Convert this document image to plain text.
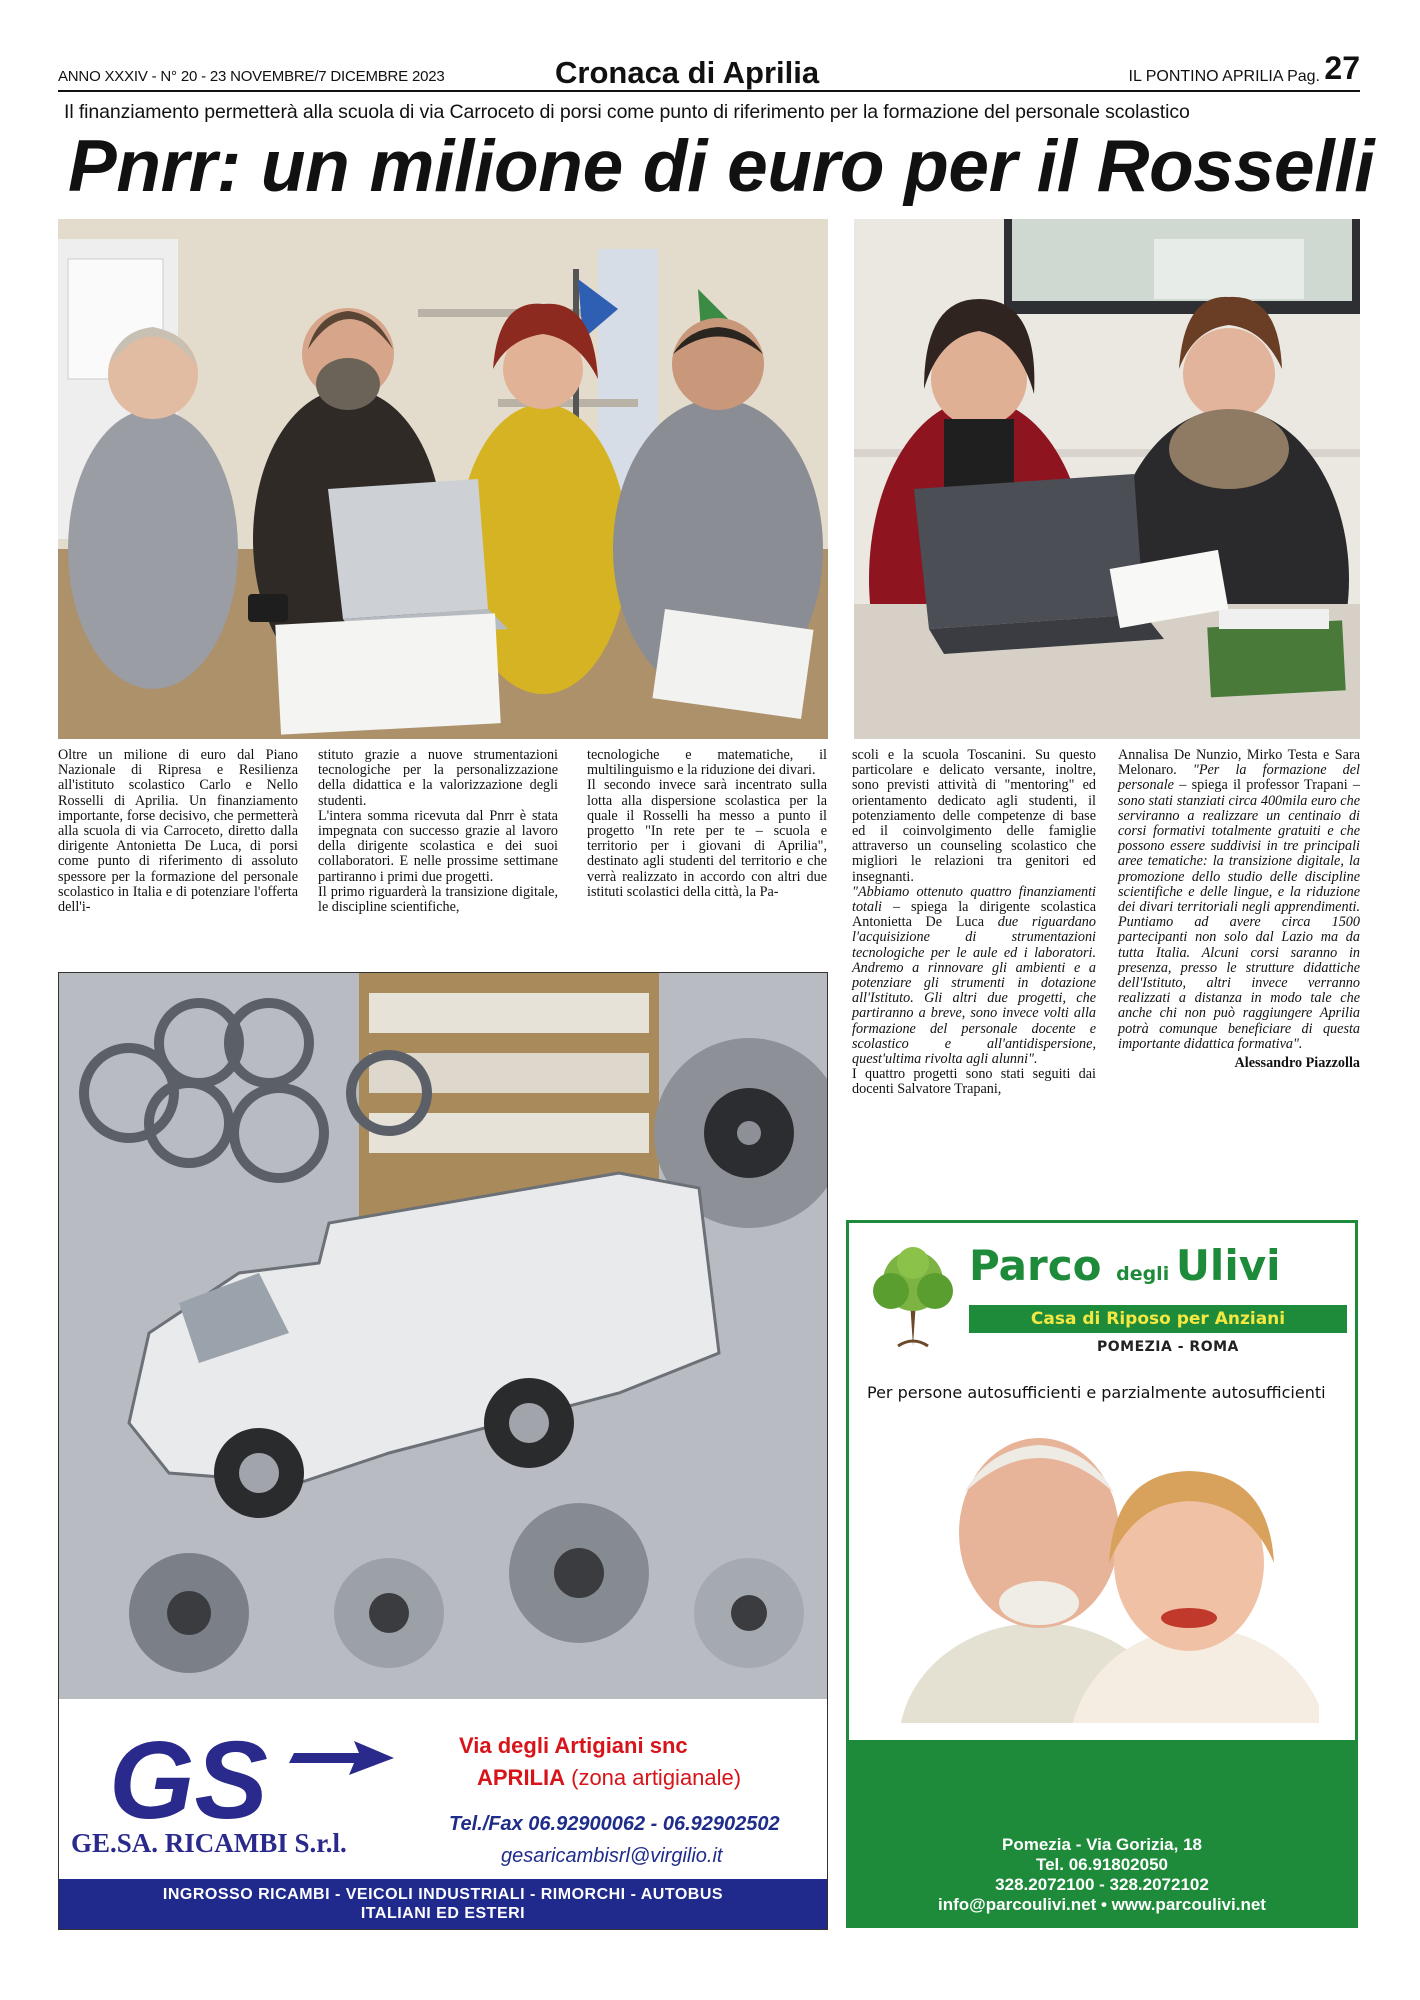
ANNO XXXIV - N° 20 - 23 NOVEMBRE/7 DICEMBRE 2023	Cronaca di Aprilia	IL PONTINO APRILIA Pag. 27
Il finanziamento permetterà alla scuola di via Carroceto di porsi come punto di riferimento per la formazione del personale scolastico
Pnrr: un milione di euro per il Rosselli

Oltre un milione di euro dal Piano Nazionale di Ripresa e Resilienza all'istituto scolastico Carlo e Nello Rosselli di Aprilia. Un finanziamento importante, forse decisivo, che permetterà alla scuola di via Carroceto, diretto dalla dirigente Antonietta De Luca, di porsi come punto di riferimento di assoluto spessore per la formazione del personale scolastico in Italia e di potenziare l'offerta dell'i-

stituto grazie a nuove strumentazioni tecnologiche per la personalizzazione della didattica e la valorizzazione degli studenti.

L'intera somma ricevuta dal Pnrr è stata impegnata con successo grazie al lavoro della dirigente scolastica e dei suoi collaboratori. E nelle prossime settimane partiranno i primi due progetti.

Il primo riguarderà la transizione digitale, le discipline scientifiche,

tecnologiche e matematiche, il multilinguismo e la riduzione dei divari.

Il secondo invece sarà incentrato sulla lotta alla dispersione scolastica per la quale il Rosselli ha messo a punto il progetto "In rete per te – scuola e territorio per i giovani di Aprilia", destinato agli studenti del territorio e che verrà realizzato in accordo con altri due istituti scolastici della città, la Pa-

scoli e la scuola Toscanini. Su questo particolare e delicato versante, inoltre, sono previsti attività di "mentoring" ed orientamento dedicato agli studenti, il potenziamento delle competenze di base ed il coinvolgimento delle famiglie attraverso un counseling scolastico che migliori le relazioni tra genitori ed insegnanti.

"Abbiamo ottenuto quattro finanziamenti totali – spiega la dirigente scolastica Antonietta De Luca due riguardano l'acquisizione di strumentazioni tecnologiche per le aule ed i laboratori. Andremo a rinnovare gli ambienti e a potenziare gli strumenti in dotazione all'Istituto. Gli altri due progetti, che partiranno a breve, sono invece volti alla formazione del personale docente e scolastico e all'antidispersione, quest'ultima rivolta agli alunni".

I quattro progetti sono stati seguiti dai docenti Salvatore Trapani,

Annalisa De Nunzio, Mirko Testa e Sara Melonaro. "Per la formazione del personale – spiega il professor Trapani – sono stati stanziati circa 400mila euro che serviranno a realizzare un centinaio di corsi formativi totalmente gratuiti e che possono essere suddivisi in tre principali aree tematiche: la transizione digitale, la promozione dello studio delle discipline scientifiche e delle lingue, e la riduzione dei divari territoriali negli apprendimenti. Puntiamo ad avere circa 1500 partecipanti non solo dal Lazio ma da tutta Italia. Alcuni corsi saranno in presenza, presso le strutture didattiche dell'Istituto, altri invece verranno realizzati a distanza in modo tale che anche chi non può raggiungere Aprilia potrà comunque beneficiare di questa importante didattica formativa".

Alessandro Piazzolla

GS
GE.SA. RICAMBI S.r.l.
Via degli Artigiani snc
APRILIA (zona artigianale)
Tel./Fax 06.92900062 - 06.92902502
gesaricambisrl@virgilio.it
INGROSSO RICAMBI - VEICOLI INDUSTRIALI - RIMORCHI - AUTOBUS
ITALIANI ED ESTERI
Parco degli Ulivi
Casa di Riposo per Anziani
POMEZIA - ROMA
Per persone autosufficienti e parzialmente autosufficienti
Pomezia - Via Gorizia, 18
Tel. 06.91802050
328.2072100 - 328.2072102
info@parcoulivi.net • www.parcoulivi.net
